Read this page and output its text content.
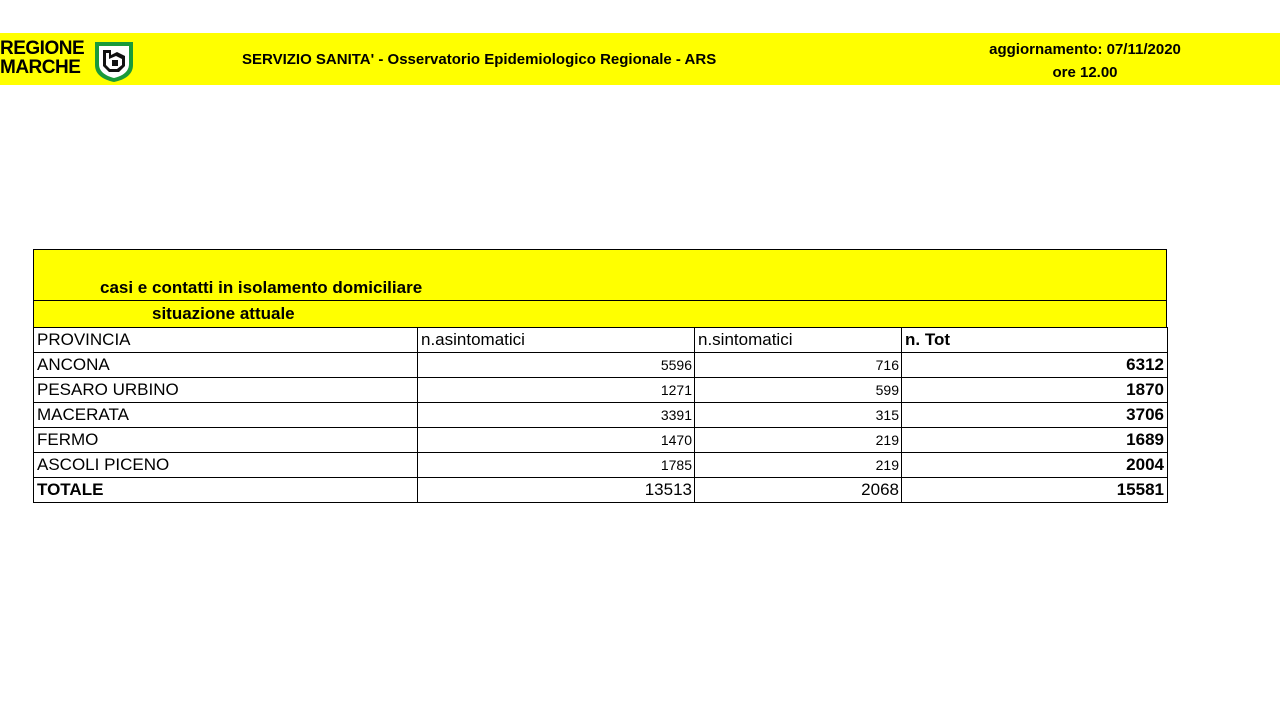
REGIONE
MARCHE	SERVIZIO SANITA' - Osservatorio Epidemiologico Regionale - ARS
aggiornamento: 07/11/2020
ore 12.00
casi e contatti in isolamento domiciliare
situazione attuale
PROVINCIA	n.asintomatici	n.sintomatici	n. Tot
ANCONA	5596	716	6312
PESARO URBINO	1271	599	1870
MACERATA	3391	315	3706
FERMO	1470	219	1689
ASCOLI PICENO	1785	219	2004
TOTALE	13513	2068	15581
